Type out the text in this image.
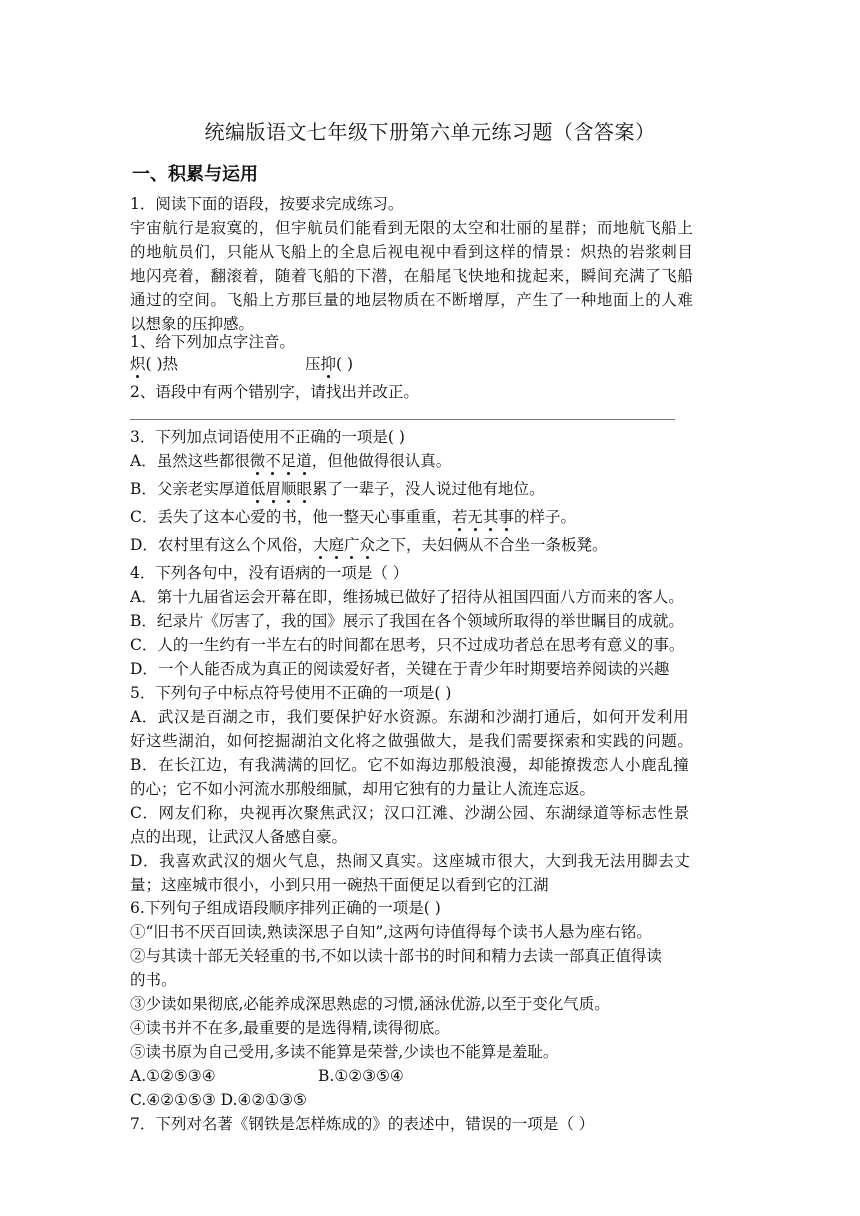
统编版语文七年级下册第六单元练习题（含答案）
一、积累与运用
1．阅读下面的语段，按要求完成练习。
宇宙航行是寂寞的，但宇航员们能看到无限的太空和壮丽的星群；而地航飞船上
的地航员们，只能从飞船上的全息后视电视中看到这样的情景：炽热的岩浆刺目
地闪亮着，翻滚着，随着飞船的下潜，在船尾飞快地和拢起来，瞬间充满了飞船
通过的空间。飞船上方那巨量的地层物质在不断增厚，产生了一种地面上的人难
以想象的压抑感。
1、给下列加点字注音。
炽( )热	压抑( )
2、语段中有两个错别字，请找出并改正。
3．下列加点词语使用不正确的一项是( )
A．虽然这些都很微不足道，但他做得很认真。
B．父亲老实厚道低眉顺眼累了一辈子，没人说过他有地位。
C．丢失了这本心爱的书，他一整天心事重重，若无其事的样子。
D．农村里有这么个风俗，大庭广众之下，夫妇俩从不合坐一条板凳。
4．下列各句中，没有语病的一项是（ ）
A．第十九届省运会开幕在即，维扬城已做好了招待从祖国四面八方而来的客人。
B．纪录片《厉害了，我的国》展示了我国在各个领域所取得的举世瞩目的成就。
C．人的一生约有一半左右的时间都在思考，只不过成功者总在思考有意义的事。
D．一个人能否成为真正的阅读爱好者，关键在于青少年时期要培养阅读的兴趣
5．下列句子中标点符号使用不正确的一项是( )
A．武汉是百湖之市，我们要保护好水资源。东湖和沙湖打通后，如何开发利用
好这些湖泊，如何挖掘湖泊文化将之做强做大，是我们需要探索和实践的问题。
B．在长江边，有我满满的回忆。它不如海边那般浪漫，却能撩拨恋人小鹿乱撞
的心；它不如小河流水那般细腻，却用它独有的力量让人流连忘返。
C．网友们称，央视再次聚焦武汉；汉口江滩、沙湖公园、东湖绿道等标志性景
点的出现，让武汉人备感自豪。
D．我喜欢武汉的烟火气息，热闹又真实。这座城市很大，大到我无法用脚去丈
量；这座城市很小，小到只用一碗热干面便足以看到它的江湖
6.下列句子组成语段顺序排列正确的一项是( )
①“旧书不厌百回读,熟读深思子自知”,这两句诗值得每个读书人悬为座右铭。
②与其读十部无关轻重的书,不如以读十部书的时间和精力去读一部真正值得读
的书。
③少读如果彻底,必能养成深思熟虑的习惯,涵泳优游,以至于变化气质。
④读书并不在多,最重要的是选得精,读得彻底。
⑤读书原为自己受用,多读不能算是荣誉,少读也不能算是羞耻。
A.①②⑤③④	B.①②③⑤④
C.④②①⑤③ D.④②①③⑤
7．下列对名著《钢铁是怎样炼成的》的表述中，错误的一项是（ ）
